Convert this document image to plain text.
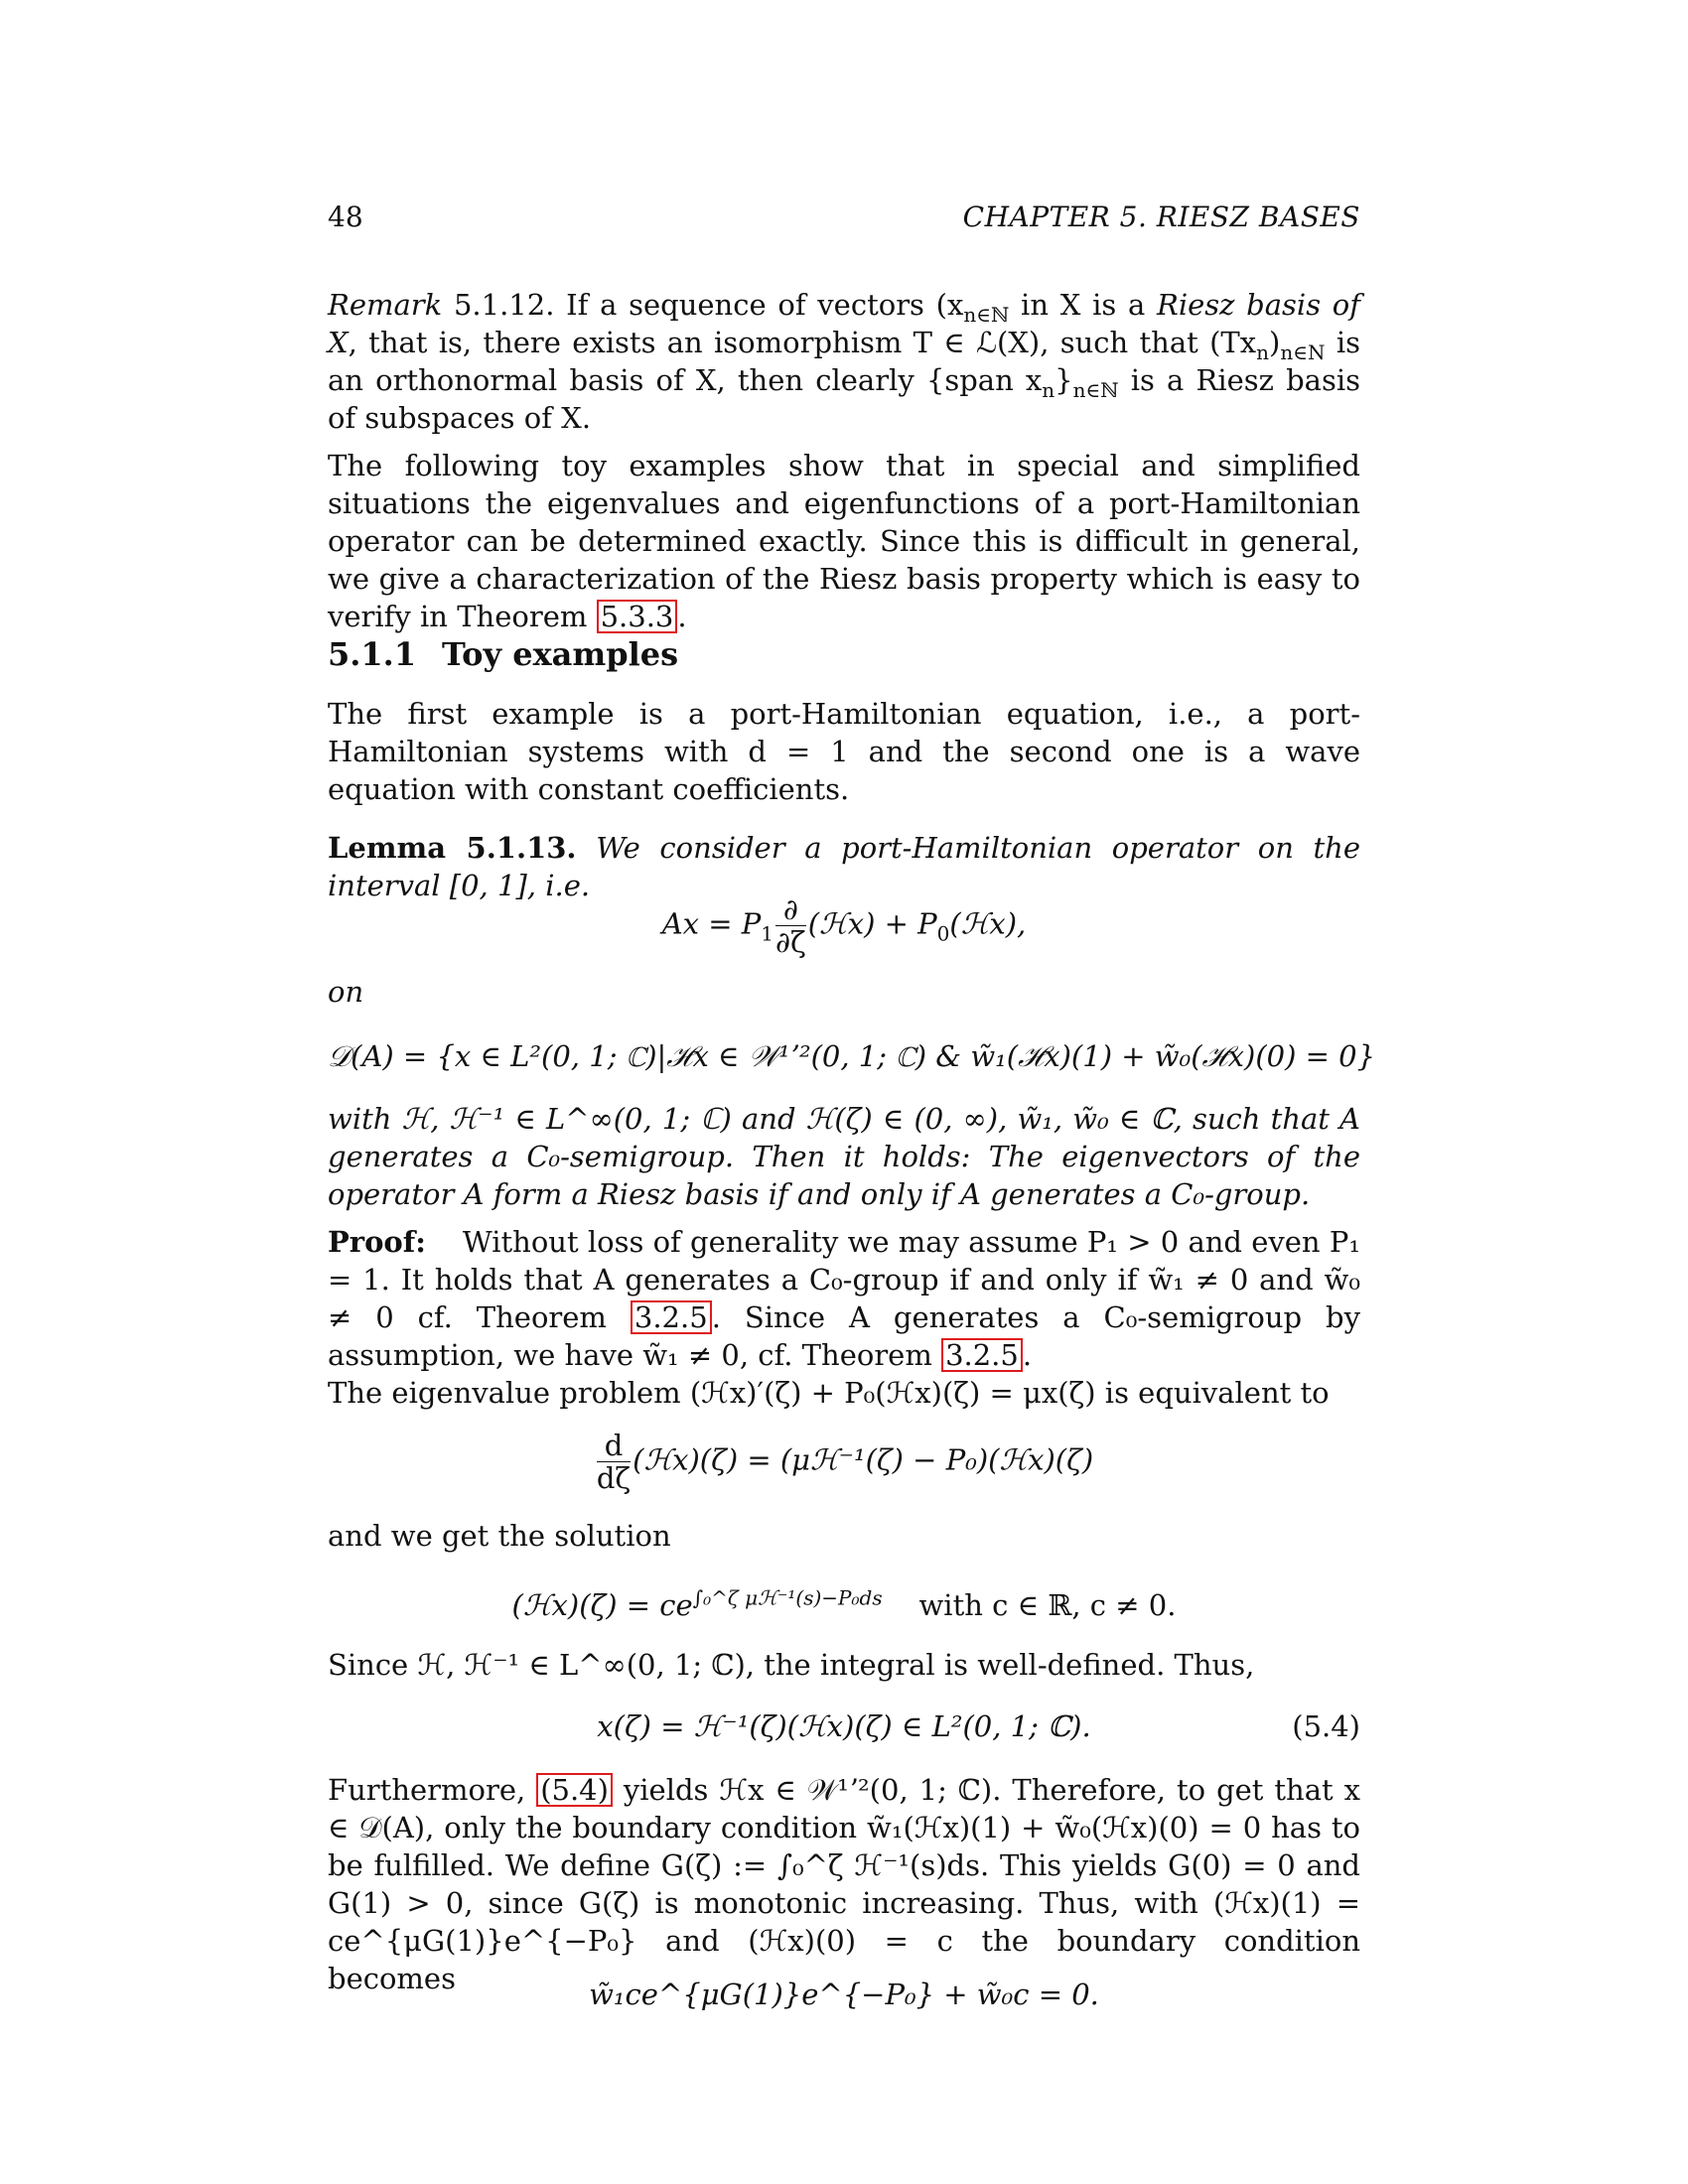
48	CHAPTER 5. RIESZ BASES
Remark 5.1.12. If a sequence of vectors ($x_{n\in ℕ}$ in X is a Riesz basis of X, that is, there exists an isomorphism T ∈ ℒ(X), such that $(Tx_n)_{n\in N}$ is an orthonormal basis of X, then clearly {span $x_n\}_{n\in ℕ}$ is a Riesz basis of subspaces of X.
The following toy examples show that in special and simplified situations the eigenvalues and eigenfunctions of a port-Hamiltonian operator can be determined exactly. Since this is difficult in general, we give a characterization of the Riesz basis property which is easy to verify in Theorem 5.3.3 .
5.1.1 Toy examples
The first example is a port-Hamiltonian equation, i.e., a port-Hamiltonian systems with d = 1 and the second one is a wave equation with constant coefficients.
Lemma 5.1.13. We consider a port-Hamiltonian operator on the interval [0, 1], i.e.
$Ax = P_1 \frac{\partial}{\partial\zeta}$ (ℋx) + $P_0(ℋx)$,
on
𝒟(A) = {x ∈ L²(0, 1; ℂ)|ℋx ∈ 𝒲¹ʼ²(0, 1; ℂ) & w̃₁(ℋx)(1) + w̃₀(ℋx)(0) = 0}
with ℋ, ℋ⁻¹ ∈ L^∞(0, 1; ℂ) and ℋ(ζ) ∈ (0, ∞), w̃₁, w̃₀ ∈ ℂ, such that A generates a C₀-semigroup. Then it holds: The eigenvectors of the operator A form a Riesz basis if and only if A generates a C₀-group.
Proof: Without loss of generality we may assume P₁ > 0 and even P₁ = 1. It holds that A generates a C₀-group if and only if w̃₁ ≠ 0 and w̃₀ ≠ 0 cf. Theorem 3.2.5 . Since A generates a C₀-semigroup by assumption, we have w̃₁ ≠ 0, cf. Theorem 3.2.5 .
The eigenvalue problem (ℋx)′(ζ) + P₀(ℋx)(ζ) = μx(ζ) is equivalent to
$\frac{d}{d\zeta}$ (ℋx)(ζ) = (μℋ⁻¹(ζ) − P₀)(ℋx)(ζ)
and we get the solution
(ℋx)(ζ) = $ce^{\int_0\^{}\zeta \mu ℋ^{-1}(s)-P_0ds}$ with c ∈ ℝ, c ≠ 0.
Since ℋ, ℋ⁻¹ ∈ L^∞(0, 1; ℂ), the integral is well-defined. Thus,
x(ζ) = ℋ⁻¹(ζ)(ℋx)(ζ) ∈ L²(0, 1; ℂ).	(5.4)
Furthermore, (5.4) yields ℋx ∈ 𝒲¹ʼ²(0, 1; ℂ). Therefore, to get that x ∈ 𝒟(A), only the boundary condition w̃₁(ℋx)(1) + w̃₀(ℋx)(0) = 0 has to be fulfilled. We define G(ζ) := ∫₀^ζ ℋ⁻¹(s)ds. This yields G(0) = 0 and G(1) > 0, since G(ζ) is monotonic increasing. Thus, with (ℋx)(1) = ce^{μG(1)}e^{−P₀} and (ℋx)(0) = c the boundary condition becomes	w̃₁ce^{μG(1)}e^{−P₀} + w̃₀c = 0.
